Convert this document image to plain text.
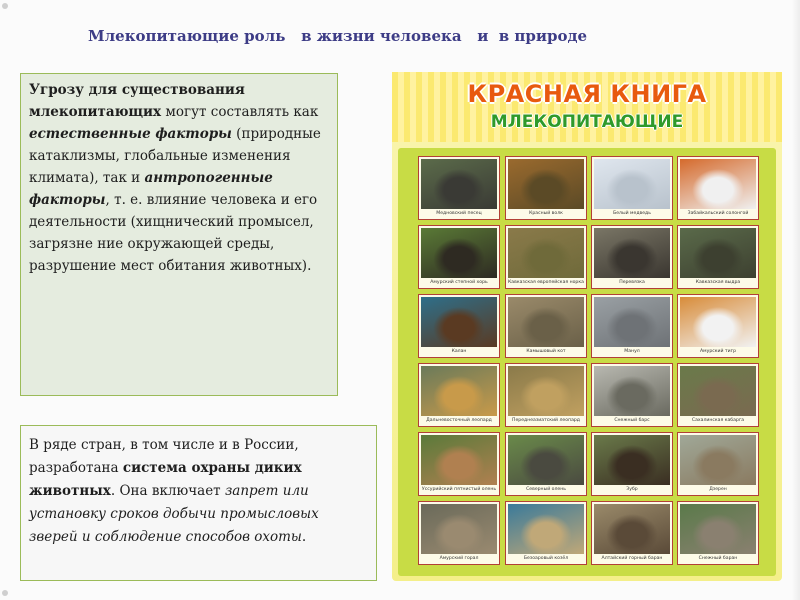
Млекопитающие роль   в жизни человека   и  в природе

Угрозу для существования млекопитающих могут составлять как естественные факторы (природные катаклизмы, глобальные изменения климата), так и антропогенные факторы, т. е. влияние человека и его деятельности (хищнический промысел, загрязне ние окружающей среды, разрушение мест обитания животных).

В ряде стран, в том числе и в России, разработана система охраны диких животных. Она включает запрет или установку сроков добычи промысловых зверей и соблюдение способов охоты.

КРАСНАЯ КНИГА
МЛЕКОПИТАЮЩИЕ
Медновский песец	Красный волк	Белый медведь	Забайкальский солонгой
Амурский степной хорь	Кавказская европейская норка	Перевязка	Кавказская выдра
Калан	Камышовый кот	Манул	Амурский тигр
Дальневосточный леопард	Переднеазиатский леопард	Снежный барс	Сахалинская кабарга
Уссурийский пятнистый олень	Северный олень	Зубр	Дзерен
Амурский горал	Безоаровый козёл	Алтайский горный баран	Снежный баран
